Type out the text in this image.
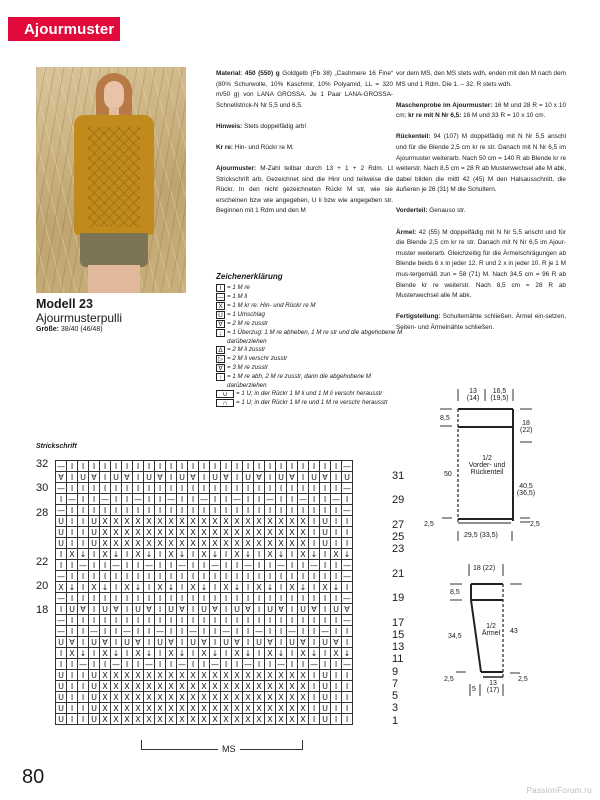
Ajourmuster
Modell 23
Ajourmusterpulli
Größe: 38/40 (46/48)

Material: 450 (550) g Goldgelb (Fb 38) „Cashmere 16 Fine“ (80% Schurwolle, 10% Kaschmir, 10% Polyamid, LL = 320 m/50 g) von LANA GROSSA. Je 1 Paar LANA-GROSSA-Schnellstrick-N Nr 5,5 und 6,5.

Hinweis: Stets doppelfädig arb!

Kr re: Hin- und Rückr re M.

Ajourmuster: M-Zahl teilbar durch 13 + 1 + 2 Rdm. Lt Strickschrift arb. Gezeichnet sind die Hinr und teilweise die Rückr. In den nicht gezeichneten Rückr M str, wie sie erscheinen bzw wie angegeben, U li bzw wie angegeben str. Beginnen mit 1 Rdm und den M

vor dem MS, den MS stets wdh, enden mit den M nach dem MS und 1 Rdm. Die 1. – 32. R stets wdh.

Maschenprobe im Ajourmuster: 16 M und 28 R = 10 x 10 cm; kr re mit N Nr 6,5: 16 M und 33 R = 10 x 10 cm.

Rückenteil: 94 (107) M doppelfädig mit N Nr 5,5 anschl und für die Blende 2,5 cm kr re str. Danach mit N Nr 6,5 im Ajourmuster weiterarb. Nach 50 cm = 140 R ab Blende kr re weiterstr. Nach 8,5 cm = 28 R ab Musterwechsel alle M abk, dabei bilden die mittl 42 (45) M den Halsausschnitt, die äußeren je 26 (31) M die Schultern.

Vorderteil: Genauso str.

Ärmel: 42 (55) M doppelfädig mit N Nr 5,5 anschl und für die Blende 2,5 cm kr re str. Danach mit N Nr 6,5 im Ajour-muster weiterarb. Gleichzeitig für die Ärmelschrägungen ab Blende beids 6 x in jeder 12. R und 2 x in jeder 10. R je 1 M mus-tergemäß zun = 58 (71) M. Nach 34,5 cm = 96 R ab Blende kr re weiterstr. Nach 8,5 cm = 28 R ab Musterwechsel alle M abk.

Fertigstellung: Schultemähte schließen. Ärmel ein-setzen, Seiten- und Ärmelnähte schließen.

Zeichenerklärung
I = 1 M re
— = 1 M li
X = 1 M kr re: Hin- und Rückr re M
U = 1 Umschlag
∀ = 2 M re zusstr
↓ = 1 Überzug: 1 M re abheben, 1 M re str und die abgehobene M darüberziehen
Δ = 2 M li zusstr
▷ = 2 M li verschr zusstr
∀ = 3 M re zusstr
↑ = 1 M re abh, 2 M re zusstr, dann die abgehobene M darüberziehen
∪	= 1 U; in der Rückr 1 M li und 1 M li verschr herausstr
∩	= 1 U; in der Rückr 1 M re und 1 M re verschr herausstr
Strickschrift
—	I	I	I	I	I	I	I	I	I	I	I	I	I	I	I	I	I	I	I	I	I	I	I	I	I	—
∀	I	U	∀	I	U	∀	I	U	∀	I	U	∀	I	U	∀	I	U	∀	I	U	∀	I	U	∀	I	U
—	I	I	I	I	I	I	I	I	I	I	I	I	I	I	I	I	I	I	I	I	I	I	I	I	I	—
I	—	I	I	—	I	I	—	I	I	—	I	I	—	I	I	—	I	I	—	I	I	—	I	I	—	I
—	I	I	I	I	I	I	I	I	I	I	I	I	I	I	I	I	I	I	I	I	I	I	I	I	I	—
U	I	I	U	X	X	X	X	X	X	X	X	X	X	X	X	X	X	X	X	X	X	X	I	U	I	I
U	I	I	U	X	X	X	X	X	X	X	X	X	X	X	X	X	X	X	X	X	X	X	I	U	I	I
U	I	I	U	X	X	X	X	X	X	X	X	X	X	X	X	X	X	X	X	X	X	X	I	U	I	I
I	X	↓	I	X	↓	I	X	↓	I	X	↓	I	X	↓	I	X	↓	I	X	↓	I	X	↓	I	X	↓
I	I	—	I	I	—	I	I	—	I	I	—	I	I	—	I	I	—	I	I	—	I	I	—	I	I	—
—	I	I	I	I	I	I	I	I	I	I	I	I	I	I	I	I	I	I	I	I	I	I	I	I	I	—
X	↓	I	X	↓	I	X	↓	I	X	↓	I	X	↓	I	X	↓	I	X	↓	I	X	↓	I	X	↓	I
—	I	I	I	I	I	I	I	I	I	I	I	I	I	I	I	I	I	I	I	I	I	I	I	I	I	—
I	U	∀	I	U	∀	I	U	∀	I	U	∀	I	U	∀	I	U	∀	I	U	∀	I	U	∀	I	U	∀
—	I	I	I	I	I	I	I	I	I	I	I	I	I	I	I	I	I	I	I	I	I	I	I	I	I	—
—	I	I	—	I	I	—	I	I	—	I	I	—	I	I	—	I	I	—	I	I	—	I	I	—	I	I
U	∀	I	U	∀	I	U	∀	I	U	∀	I	U	∀	I	U	∀	I	U	∀	I	U	∀	I	U	∀	I
I	X	↓	I	X	↓	I	X	↓	I	X	↓	I	X	↓	I	X	↓	I	X	↓	I	X	↓	I	X	↓
I	I	—	I	I	—	I	I	—	I	I	—	I	I	—	I	I	—	I	I	—	I	I	—	I	I	—
U	I	I	U	X	X	X	X	X	X	X	X	X	X	X	X	X	X	X	X	X	X	X	I	U	I	I
U	I	I	U	X	X	X	X	X	X	X	X	X	X	X	X	X	X	X	X	X	X	X	I	U	I	I
U	I	I	U	X	X	X	X	X	X	X	X	X	X	X	X	X	X	X	X	X	X	X	I	U	I	I
U	I	I	U	X	X	X	X	X	X	X	X	X	X	X	X	X	X	X	X	X	X	X	I	U	I	I
U	I	I	U	X	X	X	X	X	X	X	X	X	X	X	X	X	X	X	X	X	X	X	I	U	I	I
32
30
28
22
20
18
31
29
27
25
23
21
19
17
15
13
11
9
7
5
3
1
MS
13
(14)
16,5
(19,5)
8,5
50
2,5
18
(22)
40,5
(36,5)
2,5
29,5 (33,5)
1/2
Vorder- und
Rückenteil
18 (22)
8,5
34,5
2,5
43
2,5
5
13
(17)
1/2
Ärmel
80
PassionForum.ru
